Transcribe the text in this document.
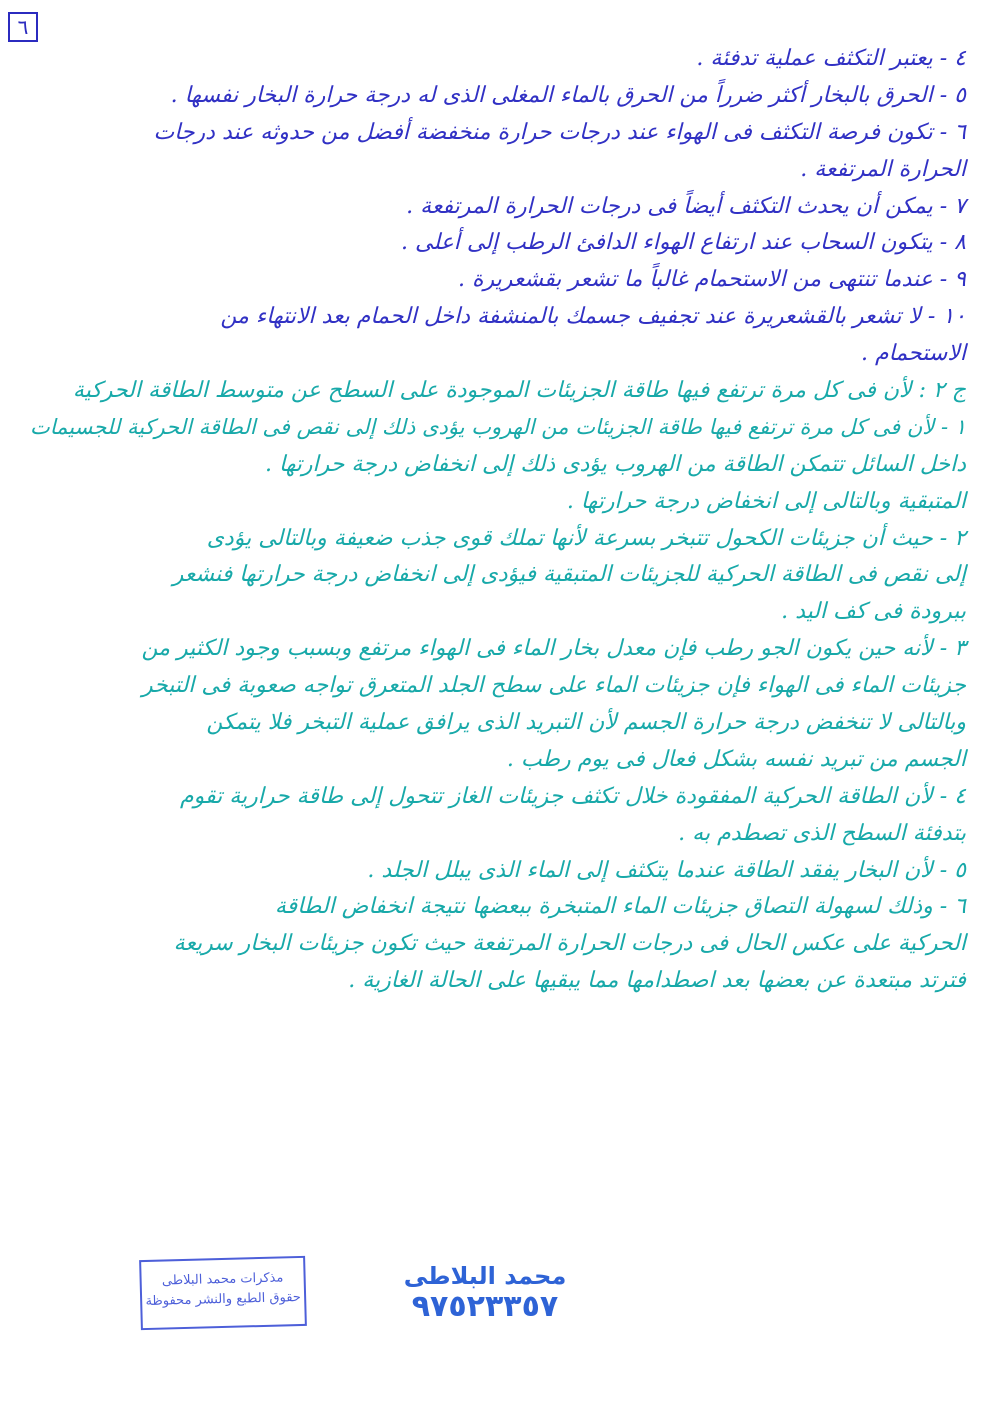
٦
٤ - يعتبر التكثف عملية تدفئة .
٥ - الحرق بالبخار أكثر ضرراً من الحرق بالماء المغلى الذى له درجة حرارة البخار نفسها .
٦ - تكون فرصة التكثف فى الهواء عند درجات حرارة منخفضة أفضل من حدوثه عند درجات
الحرارة المرتفعة .
٧ - يمكن أن يحدث التكثف أيضاً فى درجات الحرارة المرتفعة .
٨ - يتكون السحاب عند ارتفاع الهواء الدافئ الرطب إلى أعلى .
٩ - عندما تنتهى من الاستحمام غالباً ما تشعر بقشعريرة .
١٠ - لا تشعر بالقشعريرة عند تجفيف جسمك بالمنشفة داخل الحمام بعد الانتهاء من
الاستحمام .
ج ٢ : لأن فى كل مرة ترتفع فيها طاقة الجزيئات الموجودة على السطح عن متوسط الطاقة الحركية
١ - لأن فى كل مرة ترتفع فيها طاقة الجزيئات من الهروب يؤدى ذلك إلى نقص فى الطاقة الحركية للجسيمات
داخل السائل تتمكن الطاقة من الهروب يؤدى ذلك إلى انخفاض درجة حرارتها .
المتبقية وبالتالى إلى انخفاض درجة حرارتها .
٢ - حيث أن جزيئات الكحول تتبخر بسرعة لأنها تملك قوى جذب ضعيفة وبالتالى يؤدى
إلى نقص فى الطاقة الحركية للجزيئات المتبقية فيؤدى إلى انخفاض درجة حرارتها فنشعر
ببرودة فى كف اليد .
٣ - لأنه حين يكون الجو رطب فإن معدل بخار الماء فى الهواء مرتفع وبسبب وجود الكثير من
جزيئات الماء فى الهواء فإن جزيئات الماء على سطح الجلد المتعرق تواجه صعوبة فى التبخر
وبالتالى لا تنخفض درجة حرارة الجسم لأن التبريد الذى يرافق عملية التبخر فلا يتمكن
الجسم من تبريد نفسه بشكل فعال فى يوم رطب .
٤ - لأن الطاقة الحركية المفقودة خلال تكثف جزيئات الغاز تتحول إلى طاقة حرارية تقوم
بتدفئة السطح الذى تصطدم به .
٥ - لأن البخار يفقد الطاقة عندما يتكثف إلى الماء الذى يبلل الجلد .
٦ - وذلك لسهولة التصاق جزيئات الماء المتبخرة ببعضها نتيجة انخفاض الطاقة
الحركية على عكس الحال فى درجات الحرارة المرتفعة حيث تكون جزيئات البخار سريعة
فترتد مبتعدة عن بعضها بعد اصطدامها مما يبقيها على الحالة الغازية .
مذكرات محمد البلاطى
حقوق الطبع والنشر محفوظة
محمد البلاطى
٩٧٥٢٣٣٥٧
